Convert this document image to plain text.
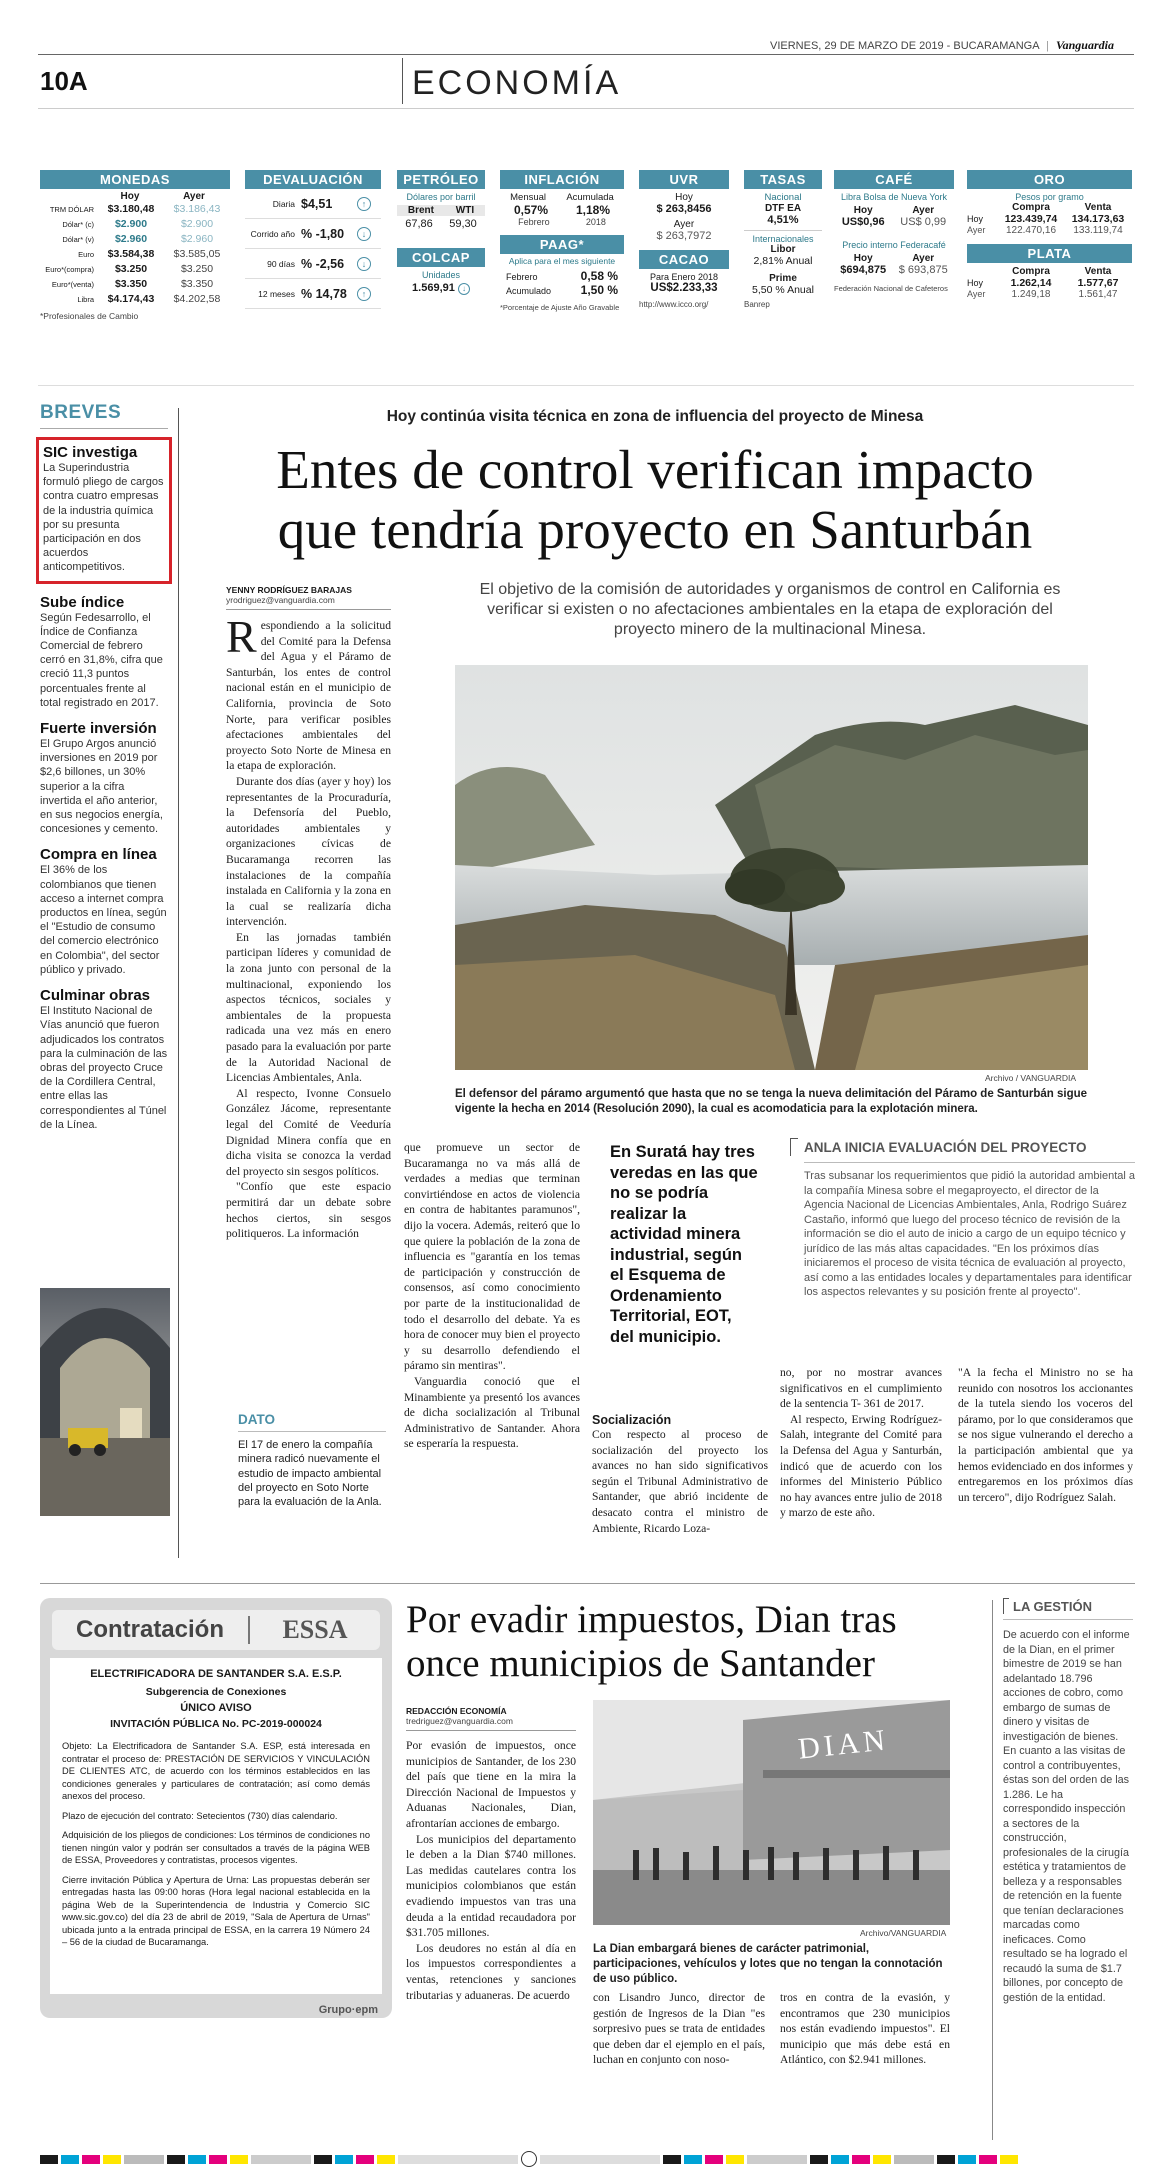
VIERNES, 29 DE MARZO DE 2019 - BUCARAMANGA | Vanguardia
10A	ECONOMÍA
MONEDAS
Hoy	Ayer
TRM DÓLAR	$3.180,48	$3.186,43
Dólar* (c)	$2.900	$2.900
Dólar* (v)	$2.960	$2.960
Euro	$3.584,38	$3.585,05
Euro*(compra)	$3.250	$3.250
Euro*(venta)	$3.350	$3.350
Libra	$4.174,43	$4.202,58
*Profesionales de Cambio
DEVALUACIÓN
Diaria $4,51	↑
Corrido año % -1,80	↓
90 días % -2,56	↓
12 meses % 14,78	↑
PETRÓLEO
Dólares por barril
Brent WTI
67,86 59,30
COLCAP
Unidades
1.569,91 ↓
INFLACIÓN
Mensual Acumulada
0,57% 1,18%
Febrero	2018
PAAG*
Aplica para el mes siguiente
Febrero	0,58 %
Acumulado 1,50 %
*Porcentaje de Ajuste Año Gravable
UVR
Hoy
$ 263,8456
Ayer
$ 263,7972
CACAO
Para Enero 2018
US$2.233,33
http://www.icco.org/
TASAS
Nacional
DTF EA
4,51%
Internacionales
Libor
2,81% Anual
Prime
5,50 % Anual
Banrep
CAFÉ
Libra Bolsa de Nueva York
Hoy	Ayer
US$0,96 US$ 0,99
Precio interno Federacafé
Hoy	Ayer
$694,875 $ 693,875
Federación Nacional de Cafeteros
ORO
Pesos por gramo
Compra	Venta
Hoy	123.439,74	134.173,63
Ayer	122.470,16	133.119,74
PLATA
Compra	Venta
Hoy	1.262,14	1.577,67
Ayer	1.249,18	1.561,47
BREVES
SIC investiga

La Superindustria formuló pliego de cargos contra cuatro empresas de la industria química por su presunta participación en dos acuerdos anticompetitivos.

Sube índice

Según Fedesarrollo, el Índice de Confianza Comercial de febrero cerró en 31,8%, cifra que creció 11,3 puntos porcentuales frente al total registrado en 2017.

Fuerte inversión

El Grupo Argos anunció inversiones en 2019 por $2,6 billones, un 30% superior a la cifra invertida el año anterior, en sus negocios energía, concesiones y cemento.

Compra en línea

El 36% de los colombianos que tienen acceso a internet compra productos en línea, según el "Estudio de consumo del comercio electrónico en Colombia", del sector público y privado.

Culminar obras

El Instituto Nacional de Vías anunció que fueron adjudicados los contratos para la culminación de las obras del proyecto Cruce de la Cordillera Central, entre ellas las correspondientes al Túnel de la Línea.

Hoy continúa visita técnica en zona de influencia del proyecto de Minesa
Entes de control verifican impacto
que tendría proyecto en Santurbán
YENNY RODRÍGUEZ BARAJAS
yrodriguez@vanguardia.com
El objetivo de la comisión de autoridades y organismos de control en California es verificar si existen o no afectaciones ambientales en la etapa de exploración del proyecto minero de la multinacional Minesa.
Archivo / VANGUARDIA
El defensor del páramo argumentó que hasta que no se tenga la nueva delimitación del Páramo de Santurbán sigue vigente la hecha en 2014 (Resolución 2090), la cual es acomodaticia para la explotación minera.

Respondiendo a la solicitud del Comité para la Defensa del Agua y el Páramo de Santurbán, los entes de control nacional están en el municipio de California, provincia de Soto Norte, para verificar posibles afectaciones ambientales del proyecto Soto Norte de Minesa en la etapa de exploración.

Durante dos días (ayer y hoy) los representantes de la Procuraduría, la Defensoría del Pueblo, autoridades ambientales y organizaciones cívicas de Bucaramanga recorren las instalaciones de la compañía instalada en California y la zona en la cual se realizaría dicha intervención.

En las jornadas también participan líderes y comunidad de la zona junto con personal de la multinacional, exponiendo los aspectos técnicos, sociales y ambientales de la propuesta radicada una vez más en enero pasado para la evaluación por parte de la Autoridad Nacional de Licencias Ambientales, Anla.

Al respecto, Ivonne Consuelo González Jácome, representante legal del Comité de Veeduría Dignidad Minera confía que en dicha visita se conozca la verdad del proyecto sin sesgos políticos.

"Confío que este espacio permitirá dar un debate sobre hechos ciertos, sin sesgos politiqueros. La información

que promueve un sector de Bucaramanga no va más allá de verdades a medias que terminan convirtiéndose en actos de violencia en contra de habitantes paramunos", dijo la vocera. Además, reiteró que lo que quiere la población de la zona de influencia es "garantía en los temas de participación y construcción de consensos, así como conocimiento por parte de la institucionalidad de todo el desarrollo del debate. Ya es hora de conocer muy bien el proyecto y su desarrollo defendiendo el páramo sin mentiras".

Vanguardia conoció que el Minambiente ya presentó los avances de dicha socialización al Tribunal Administrativo de Santander. Ahora se esperaría la respuesta.

En Suratá hay tres veredas en las que no se podría realizar la actividad minera industrial, según el Esquema de Ordenamiento Territorial, EOT, del municipio.
Socialización

Con respecto al proceso de socialización del proyecto los avances no han sido significativos según el Tribunal Administrativo de Santander, que abrió incidente de desacato contra el ministro de Ambiente, Ricardo Loza-

ANLA INICIA EVALUACIÓN DEL PROYECTO
Tras subsanar los requerimientos que pidió la autoridad ambiental a la compañía Minesa sobre el megaproyecto, el director de la Agencia Nacional de Licencias Ambientales, Anla, Rodrigo Suárez Castaño, informó que luego del proceso técnico de revisión de la información se dio el auto de inicio a cargo de un equipo técnico y jurídico de las más altas capacidades. "En los próximos días iniciaremos el proceso de visita técnica de evaluación al proyecto, así como a las entidades locales y departamentales para identificar los aspectos relevantes y su posición frente al proyecto".

no, por no mostrar avances significativos en el cumplimiento de la sentencia T- 361 de 2017.

Al respecto, Erwing Rodríguez-Salah, integrante del Comité para la Defensa del Agua y Santurbán, indicó que de acuerdo con los informes del Ministerio Público no hay avances entre julio de 2018 y marzo de este año.

"A la fecha el Ministro no se ha reunido con nosotros los accionantes de la tutela siendo los voceros del páramo, por lo que consideramos que se nos sigue vulnerando el derecho a la participación ambiental que ya hemos evidenciado en dos informes y entregaremos en los próximos días un tercero", dijo Rodríguez Salah.

DATO
El 17 de enero la compañía minera radicó nuevamente el estudio de impacto ambiental del proyecto en Soto Norte para la evaluación de la Anla.
Contratación	ESSA
ELECTRIFICADORA DE SANTANDER S.A. E.S.P.
Subgerencia de Conexiones
ÚNICO AVISO
INVITACIÓN PÚBLICA No. PC-2019-000024
Objeto: La Electrificadora de Santander S.A. ESP, está interesada en contratar el proceso de: PRESTACIÓN DE SERVICIOS Y VINCULACIÓN DE CLIENTES ATC, de acuerdo con los términos establecidos en las condiciones generales y particulares de contratación; así como demás anexos del proceso.
Plazo de ejecución del contrato: Setecientos (730) días calendario.
Adquisición de los pliegos de condiciones: Los términos de condiciones no tienen ningún valor y podrán ser consultados a través de la página WEB de ESSA, Proveedores y contratistas, procesos vigentes.
Cierre invitación Pública y Apertura de Urna: Las propuestas deberán ser entregadas hasta las 09:00 horas (Hora legal nacional establecida en la página Web de la Superintendencia de Industria y Comercio SIC www.sic.gov.co) del día 23 de abril de 2019, "Sala de Apertura de Urnas" ubicada junto a la entrada principal de ESSA, en la carrera 19 Número 24 – 56 de la ciudad de Bucaramanga.
Grupo·epm
Por evadir impuestos, Dian tras
once municipios de Santander
REDACCIÓN ECONOMÍA
tredriguez@vanguardia.com

Por evasión de impuestos, once municipios de Santander, de los 230 del país que tiene en la mira la Dirección Nacional de Impuestos y Aduanas Nacionales, Dian, afrontarían acciones de embargo.

Los municipios del departamento le deben a la Dian $740 millones. Las medidas cautelares contra los municipios colombianos que están evadiendo impuestos van tras una deuda a la entidad recaudadora por $31.705 millones.

Los deudores no están al día en los impuestos correspondientes a ventas, retenciones y sanciones tributarias y aduaneras. De acuerdo

DIAN
Archivo/VANGUARDIA
La Dian embargará bienes de carácter patrimonial, participaciones, vehículos y lotes que no tengan la connotación de uso público.

con Lisandro Junco, director de gestión de Ingresos de la Dian "es sorpresivo pues se trata de entidades que deben dar el ejemplo en el país, luchan en conjunto con noso-

tros en contra de la evasión, y encontramos que 230 municipios nos están evadiendo impuestos". El municipio que más debe está en Atlántico, con $2.941 millones.

LA GESTIÓN

De acuerdo con el informe de la Dian, en el primer bimestre de 2019 se han adelantado 18.796 acciones de cobro, como embargo de sumas de dinero y visitas de investigación de bienes.

En cuanto a las visitas de control a contribuyentes, éstas son del orden de las 1.286. Le ha correspondido inspección a sectores de la construcción, profesionales de la cirugía estética y tratamientos de belleza y a responsables de retención en la fuente que tenían declaraciones marcadas como ineficaces. Como resultado se ha logrado el recaudó la suma de $1.7 billones, por concepto de gestión de la entidad.
